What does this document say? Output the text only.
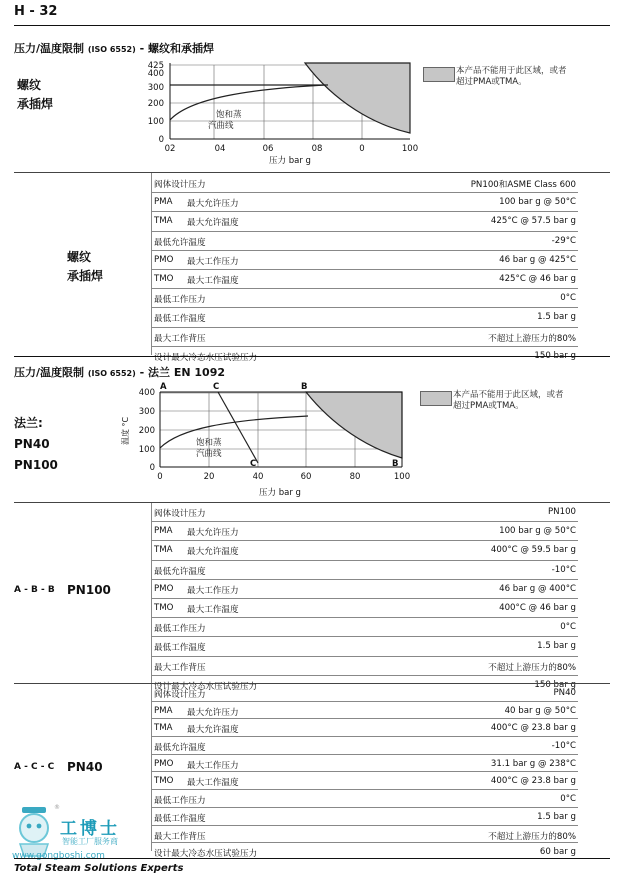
H - 32
压力/温度限制 (ISO 6552) - 螺纹和承插焊
螺纹
承插焊
425
400
300
200
100
0
02	04	06	08	0	100
饱和蒸
汽曲线
压力 bar g
本产品不能用于此区域，或者
超过PMA或TMA。
螺纹
承插焊
阀体设计压力	PN100和ASME Class 600
PMA 最大允许压力	100 bar g @ 50°C
TMA 最大允许温度	425°C @ 57.5 bar g
最低允许温度	-29°C
PMO 最大工作压力	46 bar g @ 425°C
TMO 最大工作温度	425°C @ 46 bar g
最低工作压力	0°C
最低工作温度	1.5 bar g
最大工作背压	不超过上游压力的80%
设计最大冷态水压试验压力	150 bar g
压力/温度限制 (ISO 6552) - 法兰 EN 1092
法兰:
PN40
PN100
A	C	B
C	B
400
300
200
100
0
0	20	40	60	80	100
温度 °C	饱和蒸
汽曲线
压力 bar g
本产品不能用于此区域，或者
超过PMA或TMA。
A - B - B PN100
阀体设计压力	PN100
PMA 最大允许压力	100 bar g @ 50°C
TMA 最大允许温度	400°C @ 59.5 bar g
最低允许温度	-10°C
PMO 最大工作压力	46 bar g @ 400°C
TMO 最大工作温度	400°C @ 46 bar g
最低工作压力	0°C
最低工作温度	1.5 bar g
最大工作背压	不超过上游压力的80%
设计最大冷态水压试验压力	150 bar g
A - C - C PN40
阀体设计压力	PN40
PMA 最大允许压力	40 bar g @ 50°C
TMA 最大允许温度	400°C @ 23.8 bar g
最低允许温度	-10°C
PMO 最大工作压力	31.1 bar g @ 238°C
TMO 最大工作温度	400°C @ 23.8 bar g
最低工作压力	0°C
最低工作温度	1.5 bar g
最大工作背压	不超过上游压力的80%
设计最大冷态水压试验压力	60 bar g
®
工博士
智能工厂服务商
www.gongboshi.com
Total Steam Solutions Experts
